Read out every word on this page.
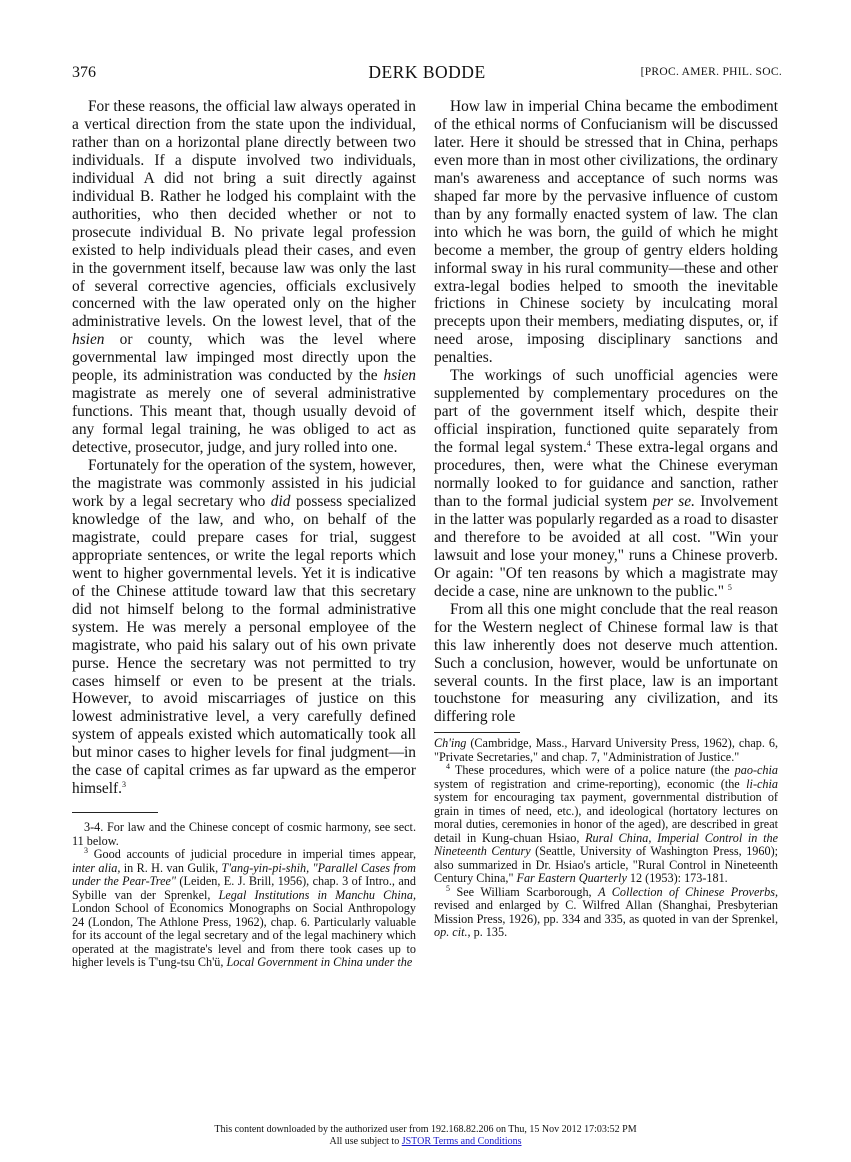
376	DERK BODDE	[PROC. AMER. PHIL. SOC.

For these reasons, the official law always operated in a vertical direction from the state upon the individual, rather than on a horizontal plane directly between two individuals. If a dispute involved two individuals, individual A did not bring a suit directly against individual B. Rather he lodged his complaint with the authorities, who then decided whether or not to prosecute individual B. No private legal profession existed to help individuals plead their cases, and even in the government itself, because law was only the last of several corrective agencies, officials exclusively concerned with the law operated only on the higher administrative levels. On the lowest level, that of the hsien or county, which was the level where governmental law impinged most directly upon the people, its administration was conducted by the hsien magistrate as merely one of several administrative functions. This meant that, though usually devoid of any formal legal training, he was obliged to act as detective, prosecutor, judge, and jury rolled into one.

Fortunately for the operation of the system, however, the magistrate was commonly assisted in his judicial work by a legal secretary who did possess specialized knowledge of the law, and who, on behalf of the magistrate, could prepare cases for trial, suggest appropriate sentences, or write the legal reports which went to higher governmental levels. Yet it is indicative of the Chinese attitude toward law that this secretary did not himself belong to the formal administrative system. He was merely a personal employee of the magistrate, who paid his salary out of his own private purse. Hence the secretary was not permitted to try cases himself or even to be present at the trials. However, to avoid miscarriages of justice on this lowest administrative level, a very carefully defined system of appeals existed which automatically took all but minor cases to higher levels for final judgment—in the case of capital crimes as far upward as the emperor himself.$^3$

3-4. For law and the Chinese concept of cosmic harmony, see sect. 11 below.

$^3$ Good accounts of judicial procedure in imperial times appear, inter alia, in R. H. van Gulik, T'ang-yin-pi-shih, "Parallel Cases from under the Pear-Tree" (Leiden, E. J. Brill, 1956), chap. 3 of Intro., and Sybille van der Sprenkel, Legal Institutions in Manchu China, London School of Economics Monographs on Social Anthropology 24 (London, The Athlone Press, 1962), chap. 6. Particularly valuable for its account of the legal secretary and of the legal machinery which operated at the magistrate's level and from there took cases up to higher levels is T'ung-tsu Ch'ü, Local Government in China under the

How law in imperial China became the embodiment of the ethical norms of Confucianism will be discussed later. Here it should be stressed that in China, perhaps even more than in most other civilizations, the ordinary man's awareness and acceptance of such norms was shaped far more by the pervasive influence of custom than by any formally enacted system of law. The clan into which he was born, the guild of which he might become a member, the group of gentry elders holding informal sway in his rural community—these and other extra-legal bodies helped to smooth the inevitable frictions in Chinese society by inculcating moral precepts upon their members, mediating disputes, or, if need arose, imposing disciplinary sanctions and penalties.

The workings of such unofficial agencies were supplemented by complementary procedures on the part of the government itself which, despite their official inspiration, functioned quite separately from the formal legal system.$^4$ These extra-legal organs and procedures, then, were what the Chinese everyman normally looked to for guidance and sanction, rather than to the formal judicial system per se. Involvement in the latter was popularly regarded as a road to disaster and therefore to be avoided at all cost. "Win your lawsuit and lose your money," runs a Chinese proverb. Or again: "Of ten reasons by which a magistrate may decide a case, nine are unknown to the public." $^5$

From all this one might conclude that the real reason for the Western neglect of Chinese formal law is that this law inherently does not deserve much attention. Such a conclusion, however, would be unfortunate on several counts. In the first place, law is an important touchstone for measuring any civilization, and its differing role

Ch'ing (Cambridge, Mass., Harvard University Press, 1962), chap. 6, "Private Secretaries," and chap. 7, "Administration of Justice."

$^4$ These procedures, which were of a police nature (the pao-chia system of registration and crime-reporting), economic (the li-chia system for encouraging tax payment, governmental distribution of grain in times of need, etc.), and ideological (hortatory lectures on moral duties, ceremonies in honor of the aged), are described in great detail in Kung-chuan Hsiao, Rural China, Imperial Control in the Nineteenth Century (Seattle, University of Washington Press, 1960); also summarized in Dr. Hsiao's article, "Rural Control in Nineteenth Century China," Far Eastern Quarterly 12 (1953): 173-181.

$^5$ See William Scarborough, A Collection of Chinese Proverbs, revised and enlarged by C. Wilfred Allan (Shanghai, Presbyterian Mission Press, 1926), pp. 334 and 335, as quoted in van der Sprenkel, op. cit., p. 135.

This content downloaded by the authorized user from 192.168.82.206 on Thu, 15 Nov 2012 17:03:52 PM
All use subject to JSTOR Terms and Conditions
